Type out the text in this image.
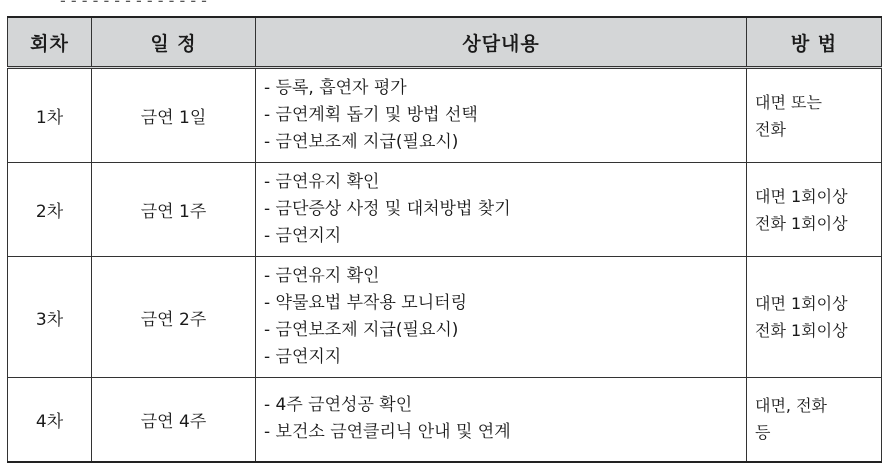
- - - - - - - - - - - - - -
회차	일 정	상담내용	방 법
1차	금연 1일	- 등록, 흡연자 평가
- 금연계획 돕기 및 방법 선택
- 금연보조제 지급(필요시)	대면 또는
전화

2차	금연 1주	- 금연유지 확인
- 금단증상 사정 및 대처방법 찾기
- 금연지지	대면 1회이상
전화 1회이상

3차	금연 2주	- 금연유지 확인
- 약물요법 부작용 모니터링
- 금연보조제 지급(필요시)
- 금연지지	대면 1회이상
전화 1회이상

4차	금연 4주	- 4주 금연성공 확인
- 보건소 금연클리닉 안내 및 연계	대면, 전화
등
